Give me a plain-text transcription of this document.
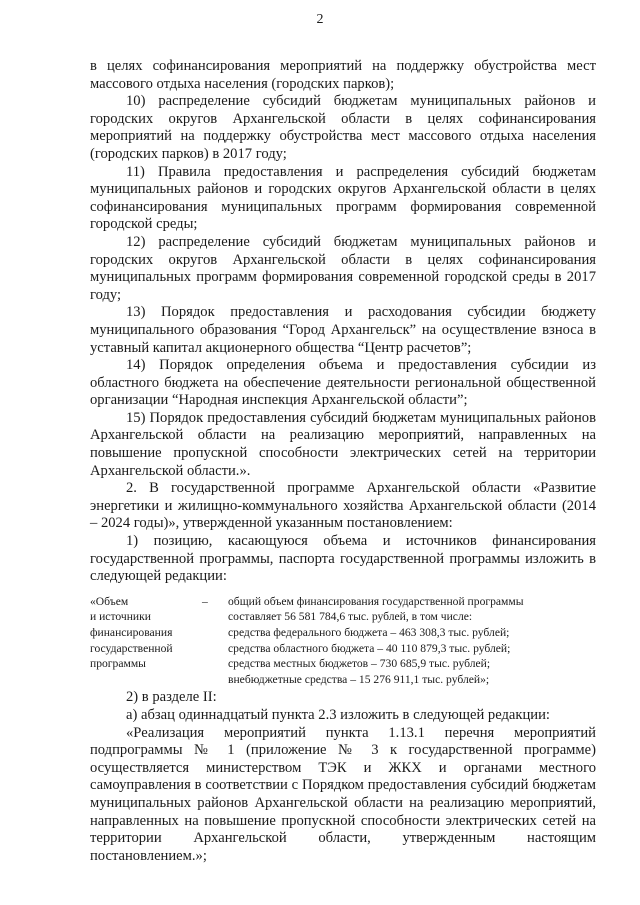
2

в целях софинансирования мероприятий на поддержку обустройства мест массового отдыха населения (городских парков);

10) распределение субсидий бюджетам муниципальных районов и городских округов Архангельской области в целях софинансирования мероприятий на поддержку обустройства мест массового отдыха населения (городских парков) в 2017 году;

11) Правила предоставления и распределения субсидий бюджетам муниципальных районов и городских округов Архангельской области в целях софинансирования муниципальных программ формирования современной городской среды;

12) распределение субсидий бюджетам муниципальных районов и городских округов Архангельской области в целях софинансирования муниципальных программ формирования современной городской среды в 2017 году;

13) Порядок предоставления и расходования субсидии бюджету муниципального образования “Город Архангельск” на осуществление взноса в уставный капитал акционерного общества “Центр расчетов”;

14) Порядок определения объема и предоставления субсидии из областного бюджета на обеспечение деятельности региональной общественной организации “Народная инспекция Архангельской области”;

15) Порядок предоставления субсидий бюджетам муниципальных районов Архангельской области на реализацию мероприятий, направленных на повышение пропускной способности электрических сетей на территории Архангельской области.».

2. В государственной программе Архангельской области «Развитие энергетики и жилищно-коммунального хозяйства Архангельской области (2014 – 2024 годы)», утвержденной указанным постановлением:

1) позицию, касающуюся объема и источников финансирования государственной программы, паспорта государственной программы изложить в следующей редакции:

«Объем
и источники
финансирования
государственной
программы
–	общий объем финансирования государственной программы
составляет 56 581 784,6 тыс. рублей, в том числе:
средства федерального бюджета – 463 308,3 тыс. рублей;
средства областного бюджета – 40 110 879,3 тыс. рублей;
средства местных бюджетов – 730 685,9 тыс. рублей;
внебюджетные средства – 15 276 911,1 тыс. рублей»;

2) в разделе II:

а) абзац одиннадцатый пункта 2.3 изложить в следующей редакции:

«Реализация мероприятий пункта 1.13.1 перечня мероприятий подпрограммы № 1 (приложение № 3 к государственной программе) осуществляется министерством ТЭК и ЖКХ и органами местного самоуправления в соответствии с Порядком предоставления субсидий бюджетам муниципальных районов Архангельской области на реализацию мероприятий, направленных на повышение пропускной способности электрических сетей на территории Архангельской области, утвержденным настоящим постановлением.»;
